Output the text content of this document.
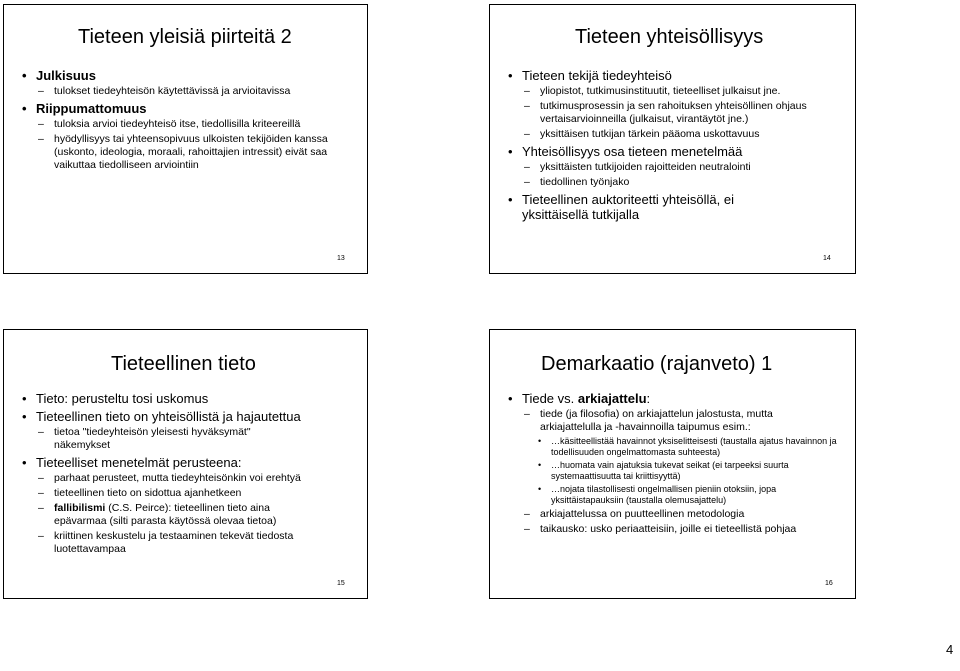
Tieteen yleisiä piirteitä 2
• Julkisuus
– tulokset tiedeyhteisön käytettävissä ja arvioitavissa
• Riippumattomuus
– tuloksia arvioi tiedeyhteisö itse, tiedollisilla kriteereillä
– hyödyllisyys tai yhteensopivuus ulkoisten tekijöiden kanssa (uskonto, ideologia, moraali, rahoittajien intressit) eivät saa vaikuttaa tiedolliseen arviointiin
13
Tieteen yhteisöllisyys
• Tieteen tekijä tiedeyhteisö
– yliopistot, tutkimusinstituutit, tieteelliset julkaisut jne.
– tutkimusprosessin ja sen rahoituksen yhteisöllinen ohjaus vertaisarvioinneilla (julkaisut, virantäytöt jne.)
– yksittäisen tutkijan tärkein pääoma uskottavuus
• Yhteisöllisyys osa tieteen menetelmää
– yksittäisten tutkijoiden rajoitteiden neutralointi
– tiedollinen työnjako
• Tieteellinen auktoriteetti yhteisöllä, ei yksittäisellä tutkijalla
14
Tieteellinen tieto
• Tieto: perusteltu tosi uskomus
• Tieteellinen tieto on yhteisöllistä ja hajautettua
– tietoa "tiedeyhteisön yleisesti hyväksymät" näkemykset
• Tieteelliset menetelmät perusteena:
– parhaat perusteet, mutta tiedeyhteisönkin voi erehtyä
– tieteellinen tieto on sidottua ajanhetkeen
– fallibilismi (C.S. Peirce): tieteellinen tieto aina epävarmaa (silti parasta käytössä olevaa tietoa)
– kriittinen keskustelu ja testaaminen tekevät tiedosta luotettavampaa
15
Demarkaatio (rajanveto) 1
• Tiede vs. arkiajattelu:
– tiede (ja filosofia) on arkiajattelun jalostusta, mutta arkiajattelulla ja -havainnoilla taipumus esim.:
•	…käsitteellistää havainnot yksiselitteisesti (taustalla ajatus havainnon ja todellisuuden ongelmattomasta suhteesta)
•	…huomata vain ajatuksia tukevat seikat (ei tarpeeksi suurta systemaattisuutta tai kriittisyyttä)
•	…nojata tilastollisesti ongelmallisen pieniin otoksiin, jopa yksittäistapauksiin (taustalla olemusajattelu)
– arkiajattelussa on puutteellinen metodologia
– taikausko: usko periaatteisiin, joille ei tieteellistä pohjaa
16
4
